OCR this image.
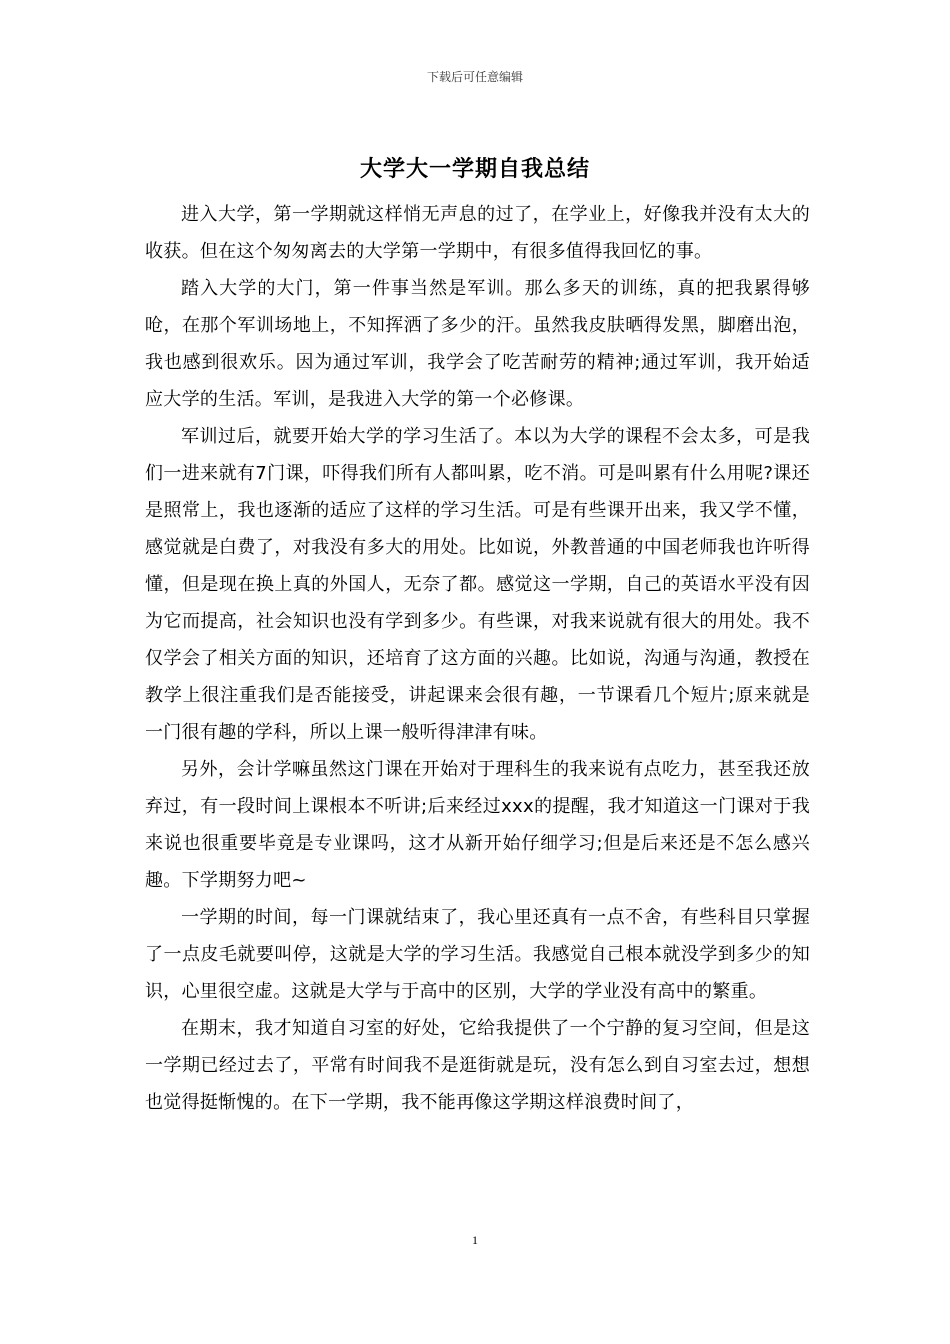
下载后可任意编辑
大学大一学期自我总结

进入大学，第一学期就这样悄无声息的过了，在学业上，好像我并没有太大的收获。但在这个匆匆离去的大学第一学期中，有很多值得我回忆的事。

踏入大学的大门，第一件事当然是军训。那么多天的训练，真的把我累得够呛，在那个军训场地上，不知挥洒了多少的汗。虽然我皮肤晒得发黑，脚磨出泡，我也感到很欢乐。因为通过军训，我学会了吃苦耐劳的精神;通过军训，我开始适应大学的生活。军训，是我进入大学的第一个必修课。

军训过后，就要开始大学的学习生活了。本以为大学的课程不会太多，可是我们一进来就有7门课，吓得我们所有人都叫累，吃不消。可是叫累有什么用呢?课还是照常上，我也逐渐的适应了这样的学习生活。可是有些课开出来，我又学不懂，感觉就是白费了，对我没有多大的用处。比如说，外教普通的中国老师我也许听得懂，但是现在换上真的外国人，无奈了都。感觉这一学期，自己的英语水平没有因为它而提高，社会知识也没有学到多少。有些课，对我来说就有很大的用处。我不仅学会了相关方面的知识，还培育了这方面的兴趣。比如说，沟通与沟通，教授在教学上很注重我们是否能接受，讲起课来会很有趣，一节课看几个短片;原来就是一门很有趣的学科，所以上课一般听得津津有味。

另外，会计学嘛虽然这门课在开始对于理科生的我来说有点吃力，甚至我还放弃过，有一段时间上课根本不听讲;后来经过xxx的提醒，我才知道这一门课对于我来说也很重要毕竟是专业课吗，这才从新开始仔细学习;但是后来还是不怎么感兴趣。下学期努力吧~

一学期的时间，每一门课就结束了，我心里还真有一点不舍，有些科目只掌握了一点皮毛就要叫停，这就是大学的学习生活。我感觉自己根本就没学到多少的知识，心里很空虚。这就是大学与于高中的区别，大学的学业没有高中的繁重。

在期末，我才知道自习室的好处，它给我提供了一个宁静的复习空间，但是这一学期已经过去了，平常有时间我不是逛街就是玩，没有怎么到自习室去过，想想也觉得挺惭愧的。在下一学期，我不能再像这学期这样浪费时间了，

1
